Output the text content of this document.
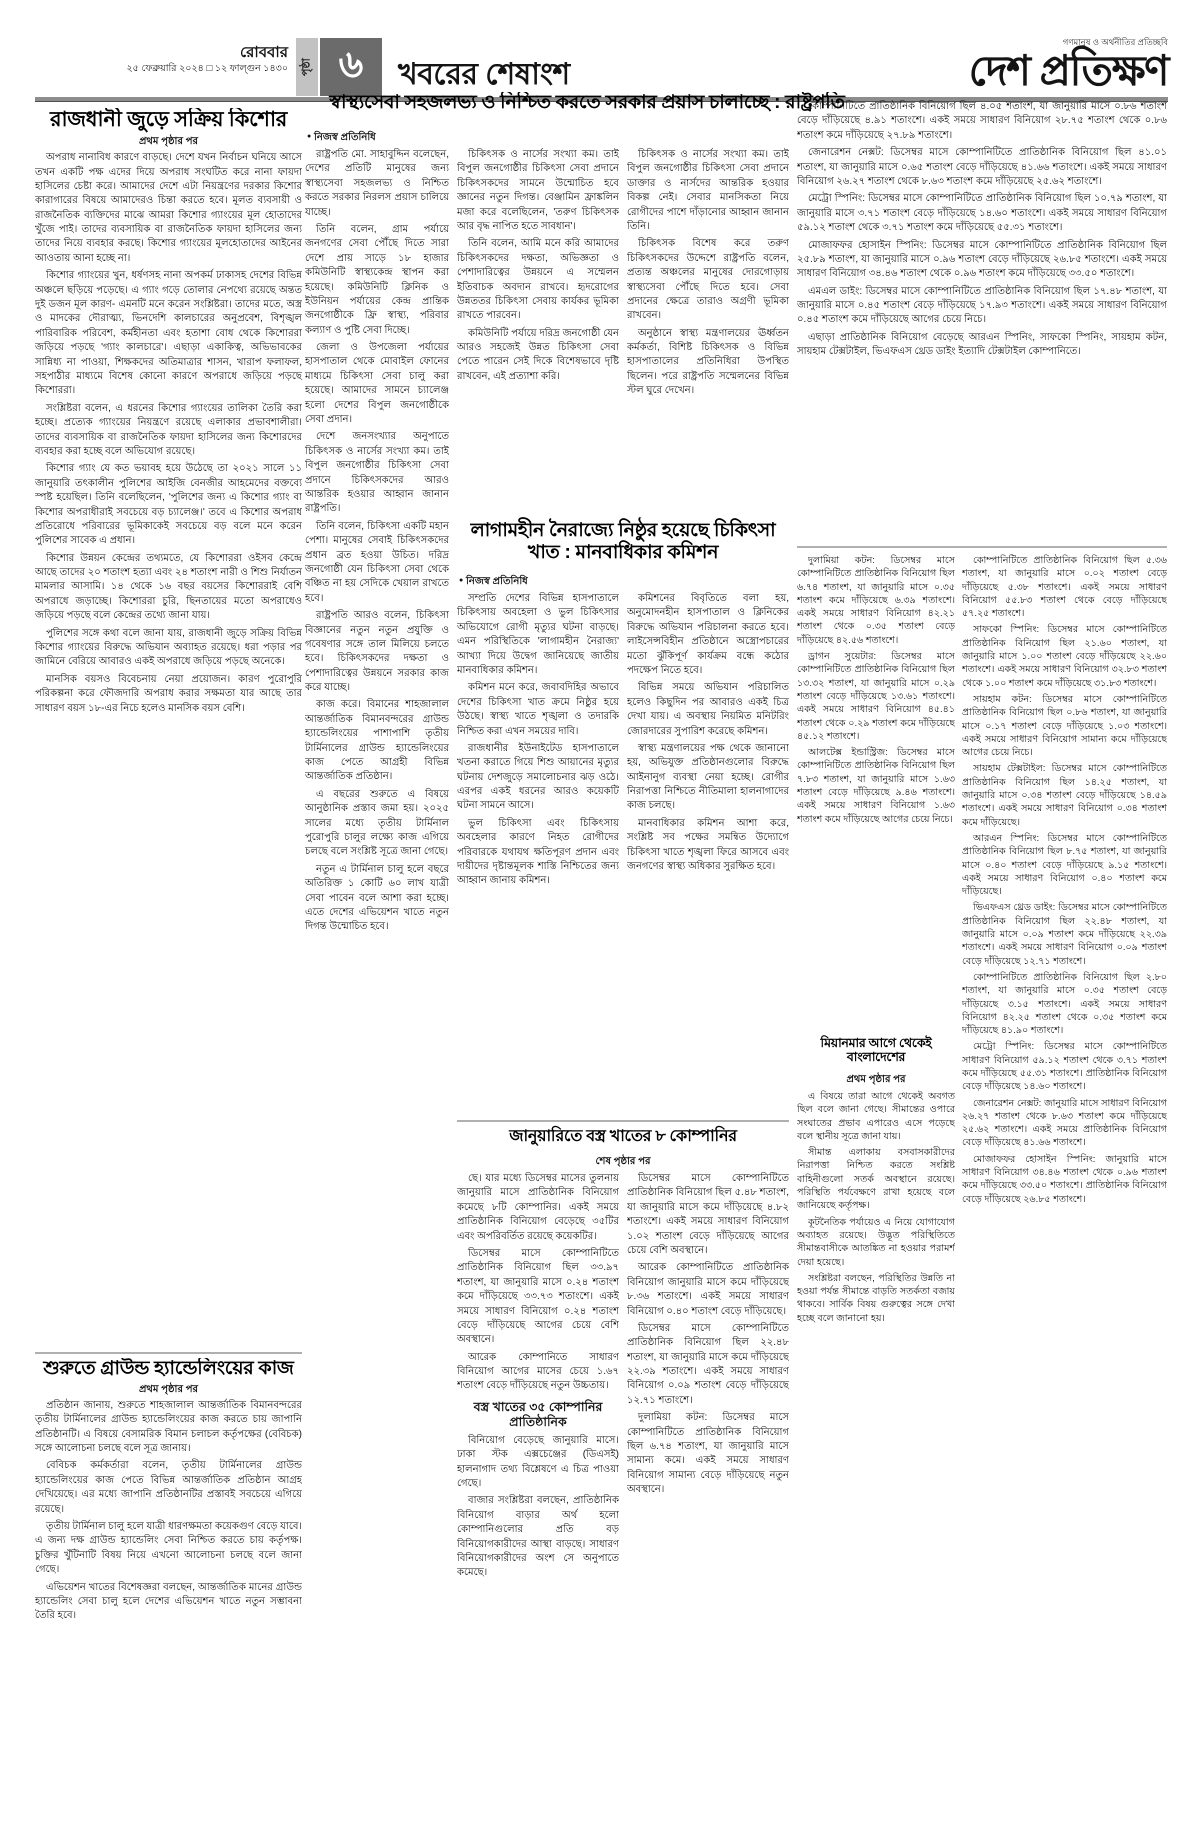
রোববার
২৫ ফেব্রুয়ারি ২০২৪ □ ১২ ফাল্গুন ১৪৩০	পৃষ্ঠা ৬	খবরের শেষাংশ
গণমানুষ ও অর্থনীতির প্রতিচ্ছবি
দেশ প্রতিক্ষণ
রাজধানী জুড়ে সক্রিয় কিশোর
প্রথম পৃষ্ঠার পর

অপরাধ নানাবিধ কারণে বাড়ছে। দেশে যখন নির্বাচন ঘনিয়ে আসে তখন একটি পক্ষ এদের দিয়ে অপরাধ সংঘটিত করে নানা ফায়দা হাসিলের চেষ্টা করে। আমাদের দেশে এটা নিয়ন্ত্রণের দরকার কিশোর কারাগারের বিষয়ে আমাদেরও চিন্তা করতে হবে। মূলত ব্যবসায়ী ও রাজনৈতিক ব্যক্তিদের মাঝে আমরা কিশোর গ্যাংয়ের মূল হোতাদের খুঁজে পাই। তাদের ব্যবসায়িক বা রাজনৈতিক ফায়দা হাসিলের জন্য তাদের নিয়ে ব্যবহার করছে। কিশোর গ্যাংয়ের মূলহোতাদের আইনের আওতায় আনা হচ্ছে না।

কিশোর গ্যাংয়ের খুন, ধর্ষণসহ নানা অপকর্ম ঢাকাসহ দেশের বিভিন্ন অঞ্চলে ছড়িয়ে পড়েছে। এ গ্যাং গড়ে তোলার নেপথ্যে রয়েছে অন্তত দুই ডজন মূল কারণ- এমনটি মনে করেন সংশ্লিষ্টরা। তাদের মতে, অস্ত্র ও মাদকের দৌরাত্ম্য, ভিনদেশি কালচারের অনুপ্রবেশ, বিশৃঙ্খল পারিবারিক পরিবেশ, কর্মহীনতা এবং হতাশা বোধ থেকে কিশোররা জড়িয়ে পড়ছে 'গ্যাং কালচারে'। এছাড়া একাকিত্ব, অভিভাবকের সান্নিধ্য না পাওয়া, শিক্ষকদের অতিমাত্রার শাসন, খারাপ ফলাফল, সহপাঠীর মাধ্যমে বিশেষ কোনো কারণে অপরাধে জড়িয়ে পড়ছে কিশোররা।

সংশ্লিষ্টরা বলেন, এ ধরনের কিশোর গ্যাংয়ের তালিকা তৈরি করা হচ্ছে। প্রত্যেক গ্যাংয়ের নিয়ন্ত্রণে রয়েছে এলাকার প্রভাবশালীরা। তাদের ব্যবসায়িক বা রাজনৈতিক ফায়দা হাসিলের জন্য কিশোরদের ব্যবহার করা হচ্ছে বলে অভিযোগ রয়েছে।

কিশোর গ্যাং যে কত ভয়াবহ হয়ে উঠেছে তা ২০২১ সালে ১১ জানুয়ারি তৎকালীন পুলিশের আইজি বেনজীর আহমেদের বক্তব্যে স্পষ্ট হয়েছিল। তিনি বলেছিলেন, 'পুলিশের জন্য এ কিশোর গ্যাং বা কিশোর অপরাধীরাই সবচেয়ে বড় চ্যালেঞ্জ।' তবে এ কিশোর অপরাধ প্রতিরোধে পরিবারের ভূমিকাকেই সবচেয়ে বড় বলে মনে করেন পুলিশের সাবেক এ প্রধান।

কিশোর উন্নয়ন কেন্দ্রের তথ্যমতে, যে কিশোররা ওইসব কেন্দ্রে আছে তাদের ২০ শতাংশ হত্যা এবং ২৪ শতাংশ নারী ও শিশু নির্যাতন মামলার আসামি। ১৪ থেকে ১৬ বছর বয়সের কিশোররাই বেশি অপরাধে জড়াচ্ছে। কিশোররা চুরি, ছিনতায়ের মতো অপরাধেও জড়িয়ে পড়ছে বলে কেন্দ্রের তথ্যে জানা যায়।

পুলিশের সঙ্গে কথা বলে জানা যায়, রাজধানী জুড়ে সক্রিয় বিভিন্ন কিশোর গ্যাংয়ের বিরুদ্ধে অভিযান অব্যাহত রয়েছে। ধরা পড়ার পর জামিনে বেরিয়ে আবারও একই অপরাধে জড়িয়ে পড়ছে অনেকে।

মানসিক বয়সও বিবেচনায় নেয়া প্রয়োজন। কারণ পুরোপুরি পরিকল্পনা করে ফৌজদারি অপরাধ করার সক্ষমতা যার আছে তার সাধারণ বয়স ১৮-এর নিচে হলেও মানসিক বয়স বেশি।

শুরুতে গ্রাউন্ড হ্যান্ডেলিংয়ের কাজ
প্রথম পৃষ্ঠার পর

প্রতিষ্ঠান জানায়, শুরুতে শাহজালাল আন্তর্জাতিক বিমানবন্দরের তৃতীয় টার্মিনালের গ্রাউন্ড হ্যান্ডেলিংয়ের কাজ করতে চায় জাপানি প্রতিষ্ঠানটি। এ বিষয়ে বেসামরিক বিমান চলাচল কর্তৃপক্ষের (বেবিচক) সঙ্গে আলোচনা চলছে বলে সূত্র জানায়।

বেবিচক কর্মকর্তারা বলেন, তৃতীয় টার্মিনালের গ্রাউন্ড হ্যান্ডেলিংয়ের কাজ পেতে বিভিন্ন আন্তর্জাতিক প্রতিষ্ঠান আগ্রহ দেখিয়েছে। এর মধ্যে জাপানি প্রতিষ্ঠানটির প্রস্তাবই সবচেয়ে এগিয়ে রয়েছে।

তৃতীয় টার্মিনাল চালু হলে যাত্রী ধারণক্ষমতা কয়েকগুণ বেড়ে যাবে। এ জন্য দক্ষ গ্রাউন্ড হ্যান্ডেলিং সেবা নিশ্চিত করতে চায় কর্তৃপক্ষ। চুক্তির খুঁটিনাটি বিষয় নিয়ে এখনো আলোচনা চলছে বলে জানা গেছে।

এভিয়েশন খাতের বিশেষজ্ঞরা বলছেন, আন্তর্জাতিক মানের গ্রাউন্ড হ্যান্ডেলিং সেবা চালু হলে দেশের এভিয়েশন খাতে নতুন সম্ভাবনা তৈরি হবে।

স্বাস্থ্যসেবা সহজলভ্য ও নিশ্চিত করতে সরকার প্রয়াস চালাচ্ছে : রাষ্ট্রপতি
● নিজস্ব প্রতিনিধি

রাষ্ট্রপতি মো. সাহাবুদ্দিন বলেছেন, দেশের প্রতিটি মানুষের জন্য স্বাস্থ্যসেবা সহজলভ্য ও নিশ্চিত করতে সরকার নিরলস প্রয়াস চালিয়ে যাচ্ছে।

তিনি বলেন, গ্রাম পর্যায়ে জনগণের সেবা পৌঁছে দিতে সারা দেশে প্রায় সাড়ে ১৮ হাজার কমিউনিটি স্বাস্থ্যকেন্দ্র স্থাপন করা হয়েছে। কমিউনিটি ক্লিনিক ও ইউনিয়ন পর্যায়ের কেন্দ্র প্রান্তিক জনগোষ্ঠীকে ফ্রি স্বাস্থ্য, পরিবার কল্যাণ ও পুষ্টি সেবা দিচ্ছে।

জেলা ও উপজেলা পর্যায়ের হাসপাতাল থেকে মোবাইল ফোনের মাধ্যমে চিকিৎসা সেবা চালু করা হয়েছে। আমাদের সামনে চ্যালেঞ্জ হলো দেশের বিপুল জনগোষ্ঠীকে সেবা প্রদান।

দেশে জনসংখ্যার অনুপাতে চিকিৎসক ও নার্সের সংখ্যা কম। তাই বিপুল জনগোষ্ঠীর চিকিৎসা সেবা প্রদানে চিকিৎসকদের আরও আন্তরিক হওয়ার আহ্বান জানান রাষ্ট্রপতি।

তিনি বলেন, চিকিৎসা একটি মহান পেশা। মানুষের সেবাই চিকিৎসকদের প্রধান ব্রত হওয়া উচিত। দরিদ্র জনগোষ্ঠী যেন চিকিৎসা সেবা থেকে বঞ্চিত না হয় সেদিকে খেয়াল রাখতে হবে।

রাষ্ট্রপতি আরও বলেন, চিকিৎসা বিজ্ঞানের নতুন নতুন প্রযুক্তি ও গবেষণার সঙ্গে তাল মিলিয়ে চলতে হবে। চিকিৎসকদের দক্ষতা ও পেশাদারিত্বের উন্নয়নে সরকার কাজ করে যাচ্ছে।

কাজ করে। বিমানের শাহজালাল আন্তর্জাতিক বিমানবন্দরের গ্রাউন্ড হ্যান্ডেলিংয়ের পাশাপাশি তৃতীয় টার্মিনালের গ্রাউন্ড হ্যান্ডেলিংয়ের কাজ পেতে আগ্রহী বিভিন্ন আন্তর্জাতিক প্রতিষ্ঠান।

এ বছরের শুরুতে এ বিষয়ে আনুষ্ঠানিক প্রস্তাব জমা হয়। ২০২৫ সালের মধ্যে তৃতীয় টার্মিনাল পুরোপুরি চালুর লক্ষ্যে কাজ এগিয়ে চলছে বলে সংশ্লিষ্ট সূত্রে জানা গেছে।

নতুন এ টার্মিনাল চালু হলে বছরে অতিরিক্ত ১ কোটি ৬০ লাখ যাত্রী সেবা পাবেন বলে আশা করা হচ্ছে। এতে দেশের এভিয়েশন খাতে নতুন দিগন্ত উন্মোচিত হবে।

চিকিৎসক ও নার্সের সংখ্যা কম। তাই বিপুল জনগোষ্ঠীর চিকিৎসা সেবা প্রদানে চিকিৎসকদের সামনে উন্মোচিত হবে জ্ঞানের নতুন দিগন্ত। বেঞ্জামিন ফ্রাঙ্কলিন মজা করে বলেছিলেন, 'তরুণ চিকিৎসক আর বৃদ্ধ নাপিত হতে সাবধান'।

তিনি বলেন, আমি মনে করি আমাদের চিকিৎসকদের দক্ষতা, অভিজ্ঞতা ও পেশাদারিত্বের উন্নয়নে এ সম্মেলন ইতিবাচক অবদান রাখবে। হৃদরোগের উন্নততর চিকিৎসা সেবায় কার্যকর ভূমিকা রাখতে পারবেন।

কমিউনিটি পর্যায়ে দরিদ্র জনগোষ্ঠী যেন আরও সহজেই উন্নত চিকিৎসা সেবা পেতে পারেন সেই দিকে বিশেষভাবে দৃষ্টি রাখবেন, এই প্রত্যাশা করি।

চিকিৎসক ও নার্সের সংখ্যা কম। তাই বিপুল জনগোষ্ঠীর চিকিৎসা সেবা প্রদানে ডাক্তার ও নার্সদের আন্তরিক হওয়ার বিকল্প নেই। সেবার মানসিকতা নিয়ে রোগীদের পাশে দাঁড়ানোর আহ্বান জানান তিনি।

চিকিৎসক বিশেষ করে তরুণ চিকিৎসকদের উদ্দেশে রাষ্ট্রপতি বলেন, প্রত্যন্ত অঞ্চলের মানুষের দোরগোড়ায় স্বাস্থ্যসেবা পৌঁছে দিতে হবে। সেবা প্রদানের ক্ষেত্রে তারাও অগ্রণী ভূমিকা রাখবেন।

অনুষ্ঠানে স্বাস্থ্য মন্ত্রণালয়ের ঊর্ধ্বতন কর্মকর্তা, বিশিষ্ট চিকিৎসক ও বিভিন্ন হাসপাতালের প্রতিনিধিরা উপস্থিত ছিলেন। পরে রাষ্ট্রপতি সম্মেলনের বিভিন্ন স্টল ঘুরে দেখেন।

লাগামহীন নৈরাজ্যে নিষ্ঠুর হয়েছে চিকিৎসা খাত : মানবাধিকার কমিশন
● নিজস্ব প্রতিনিধি

সম্প্রতি দেশের বিভিন্ন হাসপাতালে চিকিৎসায় অবহেলা ও ভুল চিকিৎসার অভিযোগে রোগী মৃত্যুর ঘটনা বাড়ছে। এমন পরিস্থিতিকে 'লাগামহীন নৈরাজ্য' আখ্যা দিয়ে উদ্বেগ জানিয়েছে জাতীয় মানবাধিকার কমিশন।

কমিশন মনে করে, জবাবদিহির অভাবে দেশের চিকিৎসা খাত ক্রমে নিষ্ঠুর হয়ে উঠছে। স্বাস্থ্য খাতে শৃঙ্খলা ও তদারকি নিশ্চিত করা এখন সময়ের দাবি।

রাজধানীর ইউনাইটেড হাসপাতালে খতনা করাতে গিয়ে শিশু আয়ানের মৃত্যুর ঘটনায় দেশজুড়ে সমালোচনার ঝড় ওঠে। এরপর একই ধরনের আরও কয়েকটি ঘটনা সামনে আসে।

ভুল চিকিৎসা এবং চিকিৎসায় অবহেলার কারণে নিহত রোগীদের পরিবারকে যথাযথ ক্ষতিপূরণ প্রদান এবং দায়ীদের দৃষ্টান্তমূলক শাস্তি নিশ্চিতের জন্য আহ্বান জানায় কমিশন।

কমিশনের বিবৃতিতে বলা হয়, অনুমোদনহীন হাসপাতাল ও ক্লিনিকের বিরুদ্ধে অভিযান পরিচালনা করতে হবে। লাইসেন্সবিহীন প্রতিষ্ঠানে অস্ত্রোপচারের মতো ঝুঁকিপূর্ণ কার্যক্রম বন্ধে কঠোর পদক্ষেপ নিতে হবে।

বিভিন্ন সময়ে অভিযান পরিচালিত হলেও কিছুদিন পর আবারও একই চিত্র দেখা যায়। এ অবস্থায় নিয়মিত মনিটরিং জোরদারের সুপারিশ করেছে কমিশন।

স্বাস্থ্য মন্ত্রণালয়ের পক্ষ থেকে জানানো হয়, অভিযুক্ত প্রতিষ্ঠানগুলোর বিরুদ্ধে আইনানুগ ব্যবস্থা নেয়া হচ্ছে। রোগীর নিরাপত্তা নিশ্চিতে নীতিমালা হালনাগাদের কাজ চলছে।

মানবাধিকার কমিশন আশা করে, সংশ্লিষ্ট সব পক্ষের সমন্বিত উদ্যোগে চিকিৎসা খাতে শৃঙ্খলা ফিরে আসবে এবং জনগণের স্বাস্থ্য অধিকার সুরক্ষিত হবে।

জানুয়ারিতে বস্ত্র খাতের ৮ কোম্পানির
শেষ পৃষ্ঠার পর

ছে। যার মধ্যে ডিসেম্বর মাসের তুলনায় জানুয়ারি মাসে প্রাতিষ্ঠানিক বিনিয়োগ কমেছে ৮টি কোম্পানির। একই সময়ে প্রাতিষ্ঠানিক বিনিয়োগ বেড়েছে ৩৫টির এবং অপরিবর্তিত রয়েছে কয়েকটির।

ডিসেম্বর মাসে কোম্পানিটিতে প্রাতিষ্ঠানিক বিনিয়োগ ছিল ৩৩.৯৭ শতাংশ, যা জানুয়ারি মাসে ০.২৪ শতাংশ কমে দাঁড়িয়েছে ৩৩.৭৩ শতাংশে। একই সময়ে সাধারণ বিনিয়োগ ০.২৪ শতাংশ বেড়ে দাঁড়িয়েছে আগের চেয়ে বেশি অবস্থানে।

আরেক কোম্পানিতে সাধারণ বিনিয়োগ আগের মাসের চেয়ে ১.৬৭ শতাংশ বেড়ে দাঁড়িয়েছে নতুন উচ্চতায়।

বস্ত্র খাতের ৩৫ কোম্পানির প্রাতিষ্ঠানিক

বিনিয়োগ বেড়েছে জানুয়ারি মাসে। ঢাকা স্টক এক্সচেঞ্জের (ডিএসই) হালনাগাদ তথ্য বিশ্লেষণে এ চিত্র পাওয়া গেছে।

বাজার সংশ্লিষ্টরা বলছেন, প্রাতিষ্ঠানিক বিনিয়োগ বাড়ার অর্থ হলো কোম্পানিগুলোর প্রতি বড় বিনিয়োগকারীদের আস্থা বাড়ছে। সাধারণ বিনিয়োগকারীদের অংশ সে অনুপাতে কমেছে।

ডিসেম্বর মাসে কোম্পানিটিতে প্রাতিষ্ঠানিক বিনিয়োগ ছিল ৫.৪৮ শতাংশ, যা জানুয়ারি মাসে কমে দাঁড়িয়েছে ৪.৮২ শতাংশে। একই সময়ে সাধারণ বিনিয়োগ ১.০২ শতাংশ বেড়ে দাঁড়িয়েছে আগের চেয়ে বেশি অবস্থানে।

আরেক কোম্পানিটিতে প্রাতিষ্ঠানিক বিনিয়োগ জানুয়ারি মাসে কমে দাঁড়িয়েছে ৮.৩৬ শতাংশে। একই সময়ে সাধারণ বিনিয়োগ ০.৪০ শতাংশ বেড়ে দাঁড়িয়েছে।

ডিসেম্বর মাসে কোম্পানিটিতে প্রাতিষ্ঠানিক বিনিয়োগ ছিল ২২.৪৮ শতাংশ, যা জানুয়ারি মাসে কমে দাঁড়িয়েছে ২২.৩৯ শতাংশে। একই সময়ে সাধারণ বিনিয়োগ ০.০৯ শতাংশ বেড়ে দাঁড়িয়েছে ১২.৭১ শতাংশে।

দুলামিয়া কটন: ডিসেম্বর মাসে কোম্পানিটিতে প্রাতিষ্ঠানিক বিনিয়োগ ছিল ৬.৭৪ শতাংশ, যা জানুয়ারি মাসে সামান্য কমে। একই সময়ে সাধারণ বিনিয়োগ সামান্য বেড়ে দাঁড়িয়েছে নতুন অবস্থানে।

কোম্পানিটিতে প্রাতিষ্ঠানিক বিনিয়োগ ছিল ৪.০৫ শতাংশ, যা জানুয়ারি মাসে ০.৮৬ শতাংশ বেড়ে দাঁড়িয়েছে ৪.৯১ শতাংশে। একই সময়ে সাধারণ বিনিয়োগ ২৮.৭৫ শতাংশ থেকে ০.৮৬ শতাংশ কমে দাঁড়িয়েছে ২৭.৮৯ শতাংশে।

জেনারেশন নেক্সট: ডিসেম্বর মাসে কোম্পানিটিতে প্রাতিষ্ঠানিক বিনিয়োগ ছিল ৪১.০১ শতাংশ, যা জানুয়ারি মাসে ০.৬৫ শতাংশ বেড়ে দাঁড়িয়েছে ৪১.৬৬ শতাংশে। একই সময়ে সাধারণ বিনিয়োগ ২৬.২৭ শতাংশ থেকে ৮.৬৩ শতাংশ কমে দাঁড়িয়েছে ২৫.৬২ শতাংশে।

মেট্রো স্পিনিং: ডিসেম্বর মাসে কোম্পানিটিতে প্রাতিষ্ঠানিক বিনিয়োগ ছিল ১০.৭৯ শতাংশ, যা জানুয়ারি মাসে ৩.৭১ শতাংশ বেড়ে দাঁড়িয়েছে ১৪.৬০ শতাংশে। একই সময়ে সাধারণ বিনিয়োগ ৫৯.১২ শতাংশ থেকে ৩.৭১ শতাংশ কমে দাঁড়িয়েছে ৫৫.৩১ শতাংশে।

মোজাফফর হোসাইন স্পিনিং: ডিসেম্বর মাসে কোম্পানিটিতে প্রাতিষ্ঠানিক বিনিয়োগ ছিল ২৫.৮৯ শতাংশ, যা জানুয়ারি মাসে ০.৯৬ শতাংশ বেড়ে দাঁড়িয়েছে ২৬.৮৫ শতাংশে। একই সময়ে সাধারণ বিনিয়োগ ৩৪.৪৬ শতাংশ থেকে ০.৯৬ শতাংশ কমে দাঁড়িয়েছে ৩৩.৫০ শতাংশে।

এমএল ডাইং: ডিসেম্বর মাসে কোম্পানিটিতে প্রাতিষ্ঠানিক বিনিয়োগ ছিল ১৭.৪৮ শতাংশ, যা জানুয়ারি মাসে ০.৪৫ শতাংশ বেড়ে দাঁড়িয়েছে ১৭.৯৩ শতাংশে। একই সময়ে সাধারণ বিনিয়োগ ০.৪৫ শতাংশ কমে দাঁড়িয়েছে আগের চেয়ে নিচে।

এছাড়া প্রাতিষ্ঠানিক বিনিয়োগ বেড়েছে আরএন স্পিনিং, সাফকো স্পিনিং, সায়হাম কটন, সায়হাম টেক্সটাইল, ভিএফএস থ্রেড ডাইং ইত্যাদি টেক্সটাইল কোম্পানিতে।

দুলামিয়া কটন: ডিসেম্বর মাসে কোম্পানিটিতে প্রাতিষ্ঠানিক বিনিয়োগ ছিল ৬.৭৪ শতাংশ, যা জানুয়ারি মাসে ০.৩৫ শতাংশ কমে দাঁড়িয়েছে ৬.৩৯ শতাংশে। একই সময়ে সাধারণ বিনিয়োগ ৪২.২১ শতাংশ থেকে ০.৩৫ শতাংশ বেড়ে দাঁড়িয়েছে ৪২.৫৬ শতাংশে।

ড্রাগন সুয়েটার: ডিসেম্বর মাসে কোম্পানিটিতে প্রাতিষ্ঠানিক বিনিয়োগ ছিল ১৩.৩২ শতাংশ, যা জানুয়ারি মাসে ০.২৯ শতাংশ বেড়ে দাঁড়িয়েছে ১৩.৬১ শতাংশে। একই সময়ে সাধারণ বিনিয়োগ ৪৫.৪১ শতাংশ থেকে ০.২৯ শতাংশ কমে দাঁড়িয়েছে ৪৫.১২ শতাংশে।

আলটেক্স ইন্ডাস্ট্রিজ: ডিসেম্বর মাসে কোম্পানিটিতে প্রাতিষ্ঠানিক বিনিয়োগ ছিল ৭.৮৩ শতাংশ, যা জানুয়ারি মাসে ১.৬৩ শতাংশ বেড়ে দাঁড়িয়েছে ৯.৪৬ শতাংশে। একই সময়ে সাধারণ বিনিয়োগ ১.৬৩ শতাংশ কমে দাঁড়িয়েছে আগের চেয়ে নিচে।

মিয়ানমার আগে থেকেই বাংলাদেশের
প্রথম পৃষ্ঠার পর

এ বিষয়ে তারা আগে থেকেই অবগত ছিল বলে জানা গেছে। সীমান্তের ওপারে সংঘাতের প্রভাব এপারেও এসে পড়েছে বলে স্থানীয় সূত্রে জানা যায়।

সীমান্ত এলাকায় বসবাসকারীদের নিরাপত্তা নিশ্চিত করতে সংশ্লিষ্ট বাহিনীগুলো সতর্ক অবস্থানে রয়েছে। পরিস্থিতি পর্যবেক্ষণে রাখা হয়েছে বলে জানিয়েছে কর্তৃপক্ষ।

কূটনৈতিক পর্যায়েও এ নিয়ে যোগাযোগ অব্যাহত রয়েছে। উদ্ভূত পরিস্থিতিতে সীমান্তবাসীকে আতঙ্কিত না হওয়ার পরামর্শ দেয়া হয়েছে।

সংশ্লিষ্টরা বলছেন, পরিস্থিতির উন্নতি না হওয়া পর্যন্ত সীমান্তে বাড়তি সতর্কতা বজায় থাকবে। সার্বিক বিষয় গুরুত্বের সঙ্গে দেখা হচ্ছে বলে জানানো হয়।

কোম্পানিটিতে প্রাতিষ্ঠানিক বিনিয়োগ ছিল ৫.৩৬ শতাংশ, যা জানুয়ারি মাসে ০.০২ শতাংশ বেড়ে দাঁড়িয়েছে ৫.৩৮ শতাংশে। একই সময়ে সাধারণ বিনিয়োগ ৫৫.৮৩ শতাংশ থেকে বেড়ে দাঁড়িয়েছে ৫৭.২৫ শতাংশে।

সাফকো স্পিনিং: ডিসেম্বর মাসে কোম্পানিটিতে প্রাতিষ্ঠানিক বিনিয়োগ ছিল ২১.৬০ শতাংশ, যা জানুয়ারি মাসে ১.০০ শতাংশ বেড়ে দাঁড়িয়েছে ২২.৬০ শতাংশে। একই সময়ে সাধারণ বিনিয়োগ ৩২.৮৩ শতাংশ থেকে ১.০০ শতাংশ কমে দাঁড়িয়েছে ৩১.৮৩ শতাংশে।

সায়হাম কটন: ডিসেম্বর মাসে কোম্পানিটিতে প্রাতিষ্ঠানিক বিনিয়োগ ছিল ০.৮৬ শতাংশ, যা জানুয়ারি মাসে ০.১৭ শতাংশ বেড়ে দাঁড়িয়েছে ১.০৩ শতাংশে। একই সময়ে সাধারণ বিনিয়োগ সামান্য কমে দাঁড়িয়েছে আগের চেয়ে নিচে।

সায়হাম টেক্সটাইল: ডিসেম্বর মাসে কোম্পানিটিতে প্রাতিষ্ঠানিক বিনিয়োগ ছিল ১৪.২৫ শতাংশ, যা জানুয়ারি মাসে ০.৩৪ শতাংশ বেড়ে দাঁড়িয়েছে ১৪.৫৯ শতাংশে। একই সময়ে সাধারণ বিনিয়োগ ০.৩৪ শতাংশ কমে দাঁড়িয়েছে।

আরএন স্পিনিং: ডিসেম্বর মাসে কোম্পানিটিতে প্রাতিষ্ঠানিক বিনিয়োগ ছিল ৮.৭৫ শতাংশ, যা জানুয়ারি মাসে ০.৪০ শতাংশ বেড়ে দাঁড়িয়েছে ৯.১৫ শতাংশে। একই সময়ে সাধারণ বিনিয়োগ ০.৪০ শতাংশ কমে দাঁড়িয়েছে।

ভিএফএস থ্রেড ডাইং: ডিসেম্বর মাসে কোম্পানিটিতে প্রাতিষ্ঠানিক বিনিয়োগ ছিল ২২.৪৮ শতাংশ, যা জানুয়ারি মাসে ০.০৯ শতাংশ কমে দাঁড়িয়েছে ২২.৩৯ শতাংশে। একই সময়ে সাধারণ বিনিয়োগ ০.০৯ শতাংশ বেড়ে দাঁড়িয়েছে ১২.৭১ শতাংশে।

কোম্পানিটিতে প্রাতিষ্ঠানিক বিনিয়োগ ছিল ২.৮০ শতাংশ, যা জানুয়ারি মাসে ০.৩৫ শতাংশ বেড়ে দাঁড়িয়েছে ৩.১৫ শতাংশে। একই সময়ে সাধারণ বিনিয়োগ ৪২.২৫ শতাংশ থেকে ০.৩৫ শতাংশ কমে দাঁড়িয়েছে ৪১.৯০ শতাংশে।

মেট্রো স্পিনিং: ডিসেম্বর মাসে কোম্পানিটিতে সাধারণ বিনিয়োগ ৫৯.১২ শতাংশ থেকে ৩.৭১ শতাংশ কমে দাঁড়িয়েছে ৫৫.৩১ শতাংশে। প্রাতিষ্ঠানিক বিনিয়োগ বেড়ে দাঁড়িয়েছে ১৪.৬০ শতাংশে।

জেনারেশন নেক্সট: জানুয়ারি মাসে সাধারণ বিনিয়োগ ২৬.২৭ শতাংশ থেকে ৮.৬৩ শতাংশ কমে দাঁড়িয়েছে ২৫.৬২ শতাংশে। একই সময়ে প্রাতিষ্ঠানিক বিনিয়োগ বেড়ে দাঁড়িয়েছে ৪১.৬৬ শতাংশে।

মোজাফফর হোসাইন স্পিনিং: জানুয়ারি মাসে সাধারণ বিনিয়োগ ৩৪.৪৬ শতাংশ থেকে ০.৯৬ শতাংশ কমে দাঁড়িয়েছে ৩৩.৫০ শতাংশে। প্রাতিষ্ঠানিক বিনিয়োগ বেড়ে দাঁড়িয়েছে ২৬.৮৫ শতাংশে।
